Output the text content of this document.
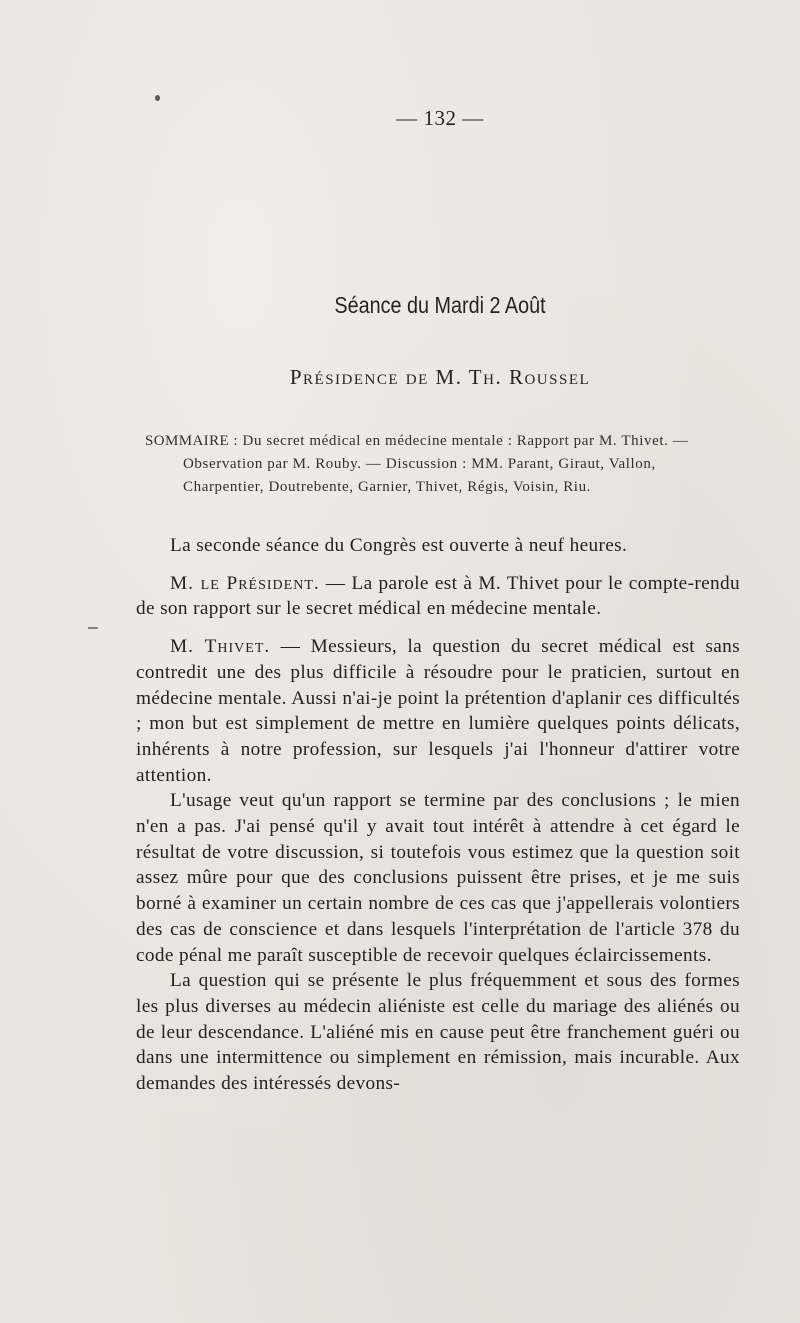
— 132 —
Séance du Mardi 2 Août
Présidence de M. Th. Roussel
SOMMAIRE : Du secret médical en médecine mentale : Rapport par M. Thivet. —
Observation par M. Rouby. — Discussion : MM. Parant, Giraut, Vallon,
Charpentier, Doutrebente, Garnier, Thivet, Régis, Voisin, Riu.

La seconde séance du Congrès est ouverte à neuf heures.

M. le Président. — La parole est à M. Thivet pour le compte-rendu de son rapport sur le secret médical en médecine mentale.

M. Thivet. — Messieurs, la question du secret médical est sans contredit une des plus difficile à résoudre pour le praticien, surtout en médecine mentale. Aussi n'ai-je point la prétention d'aplanir ces difficultés ; mon but est simplement de mettre en lumière quelques points délicats, inhérents à notre profession, sur lesquels j'ai l'honneur d'attirer votre attention.

L'usage veut qu'un rapport se termine par des conclusions ; le mien n'en a pas. J'ai pensé qu'il y avait tout intérêt à attendre à cet égard le résultat de votre discussion, si toutefois vous estimez que la question soit assez mûre pour que des conclusions puissent être prises, et je me suis borné à examiner un certain nombre de ces cas que j'appellerais volontiers des cas de conscience et dans lesquels l'interprétation de l'article 378 du code pénal me paraît susceptible de recevoir quelques éclaircissements.

La question qui se présente le plus fréquemment et sous des formes les plus diverses au médecin aliéniste est celle du mariage des aliénés ou de leur descendance. L'aliéné mis en cause peut être franchement guéri ou dans une intermittence ou simplement en rémission, mais incurable. Aux demandes des intéressés devons-
